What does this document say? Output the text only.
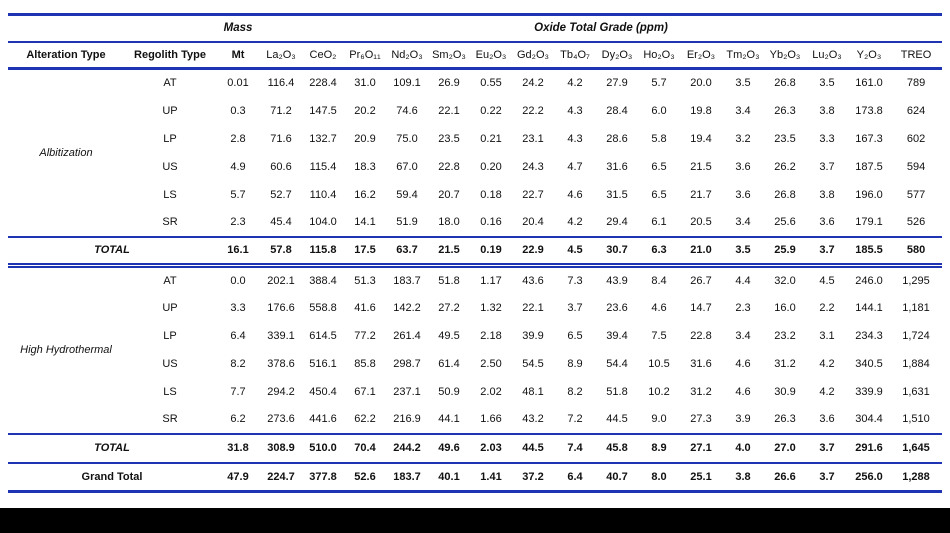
		Mass	Oxide Total Grade (ppm)															
Alteration Type	Regolith Type	Mt	La₂O₃	CeO₂	Pr₆O₁₁	Nd₂O₃	Sm₂O₃	Eu₂O₃	Gd₂O₃	Tb₄O₇	Dy₂O₃	Ho₂O₃	Er₂O₃	Tm₂O₃	Yb₂O₃	Lu₂O₃	Y₂O₃	TREO
Albitization	AT	0.01	116.4	228.4	31.0	109.1	26.9	0.55	24.2	4.2	27.9	5.7	20.0	3.5	26.8	3.5	161.0	789
	UP	0.3	71.2	147.5	20.2	74.6	22.1	0.22	22.2	4.3	28.4	6.0	19.8	3.4	26.3	3.8	173.8	624
	LP	2.8	71.6	132.7	20.9	75.0	23.5	0.21	23.1	4.3	28.6	5.8	19.4	3.2	23.5	3.3	167.3	602
	US	4.9	60.6	115.4	18.3	67.0	22.8	0.20	24.3	4.7	31.6	6.5	21.5	3.6	26.2	3.7	187.5	594
	LS	5.7	52.7	110.4	16.2	59.4	20.7	0.18	22.7	4.6	31.5	6.5	21.7	3.6	26.8	3.8	196.0	577
	SR	2.3	45.4	104.0	14.1	51.9	18.0	0.16	20.4	4.2	29.4	6.1	20.5	3.4	25.6	3.6	179.1	526
TOTAL		16.1	57.8	115.8	17.5	63.7	21.5	0.19	22.9	4.5	30.7	6.3	21.0	3.5	25.9	3.7	185.5	580
High Hydrothermal	AT	0.0	202.1	388.4	51.3	183.7	51.8	1.17	43.6	7.3	43.9	8.4	26.7	4.4	32.0	4.5	246.0	1,295
	UP	3.3	176.6	558.8	41.6	142.2	27.2	1.32	22.1	3.7	23.6	4.6	14.7	2.3	16.0	2.2	144.1	1,181
	LP	6.4	339.1	614.5	77.2	261.4	49.5	2.18	39.9	6.5	39.4	7.5	22.8	3.4	23.2	3.1	234.3	1,724
	US	8.2	378.6	516.1	85.8	298.7	61.4	2.50	54.5	8.9	54.4	10.5	31.6	4.6	31.2	4.2	340.5	1,884
	LS	7.7	294.2	450.4	67.1	237.1	50.9	2.02	48.1	8.2	51.8	10.2	31.2	4.6	30.9	4.2	339.9	1,631
	SR	6.2	273.6	441.6	62.2	216.9	44.1	1.66	43.2	7.2	44.5	9.0	27.3	3.9	26.3	3.6	304.4	1,510
TOTAL		31.8	308.9	510.0	70.4	244.2	49.6	2.03	44.5	7.4	45.8	8.9	27.1	4.0	27.0	3.7	291.6	1,645
Grand Total		47.9	224.7	377.8	52.6	183.7	40.1	1.41	37.2	6.4	40.7	8.0	25.1	3.8	26.6	3.7	256.0	1,288
